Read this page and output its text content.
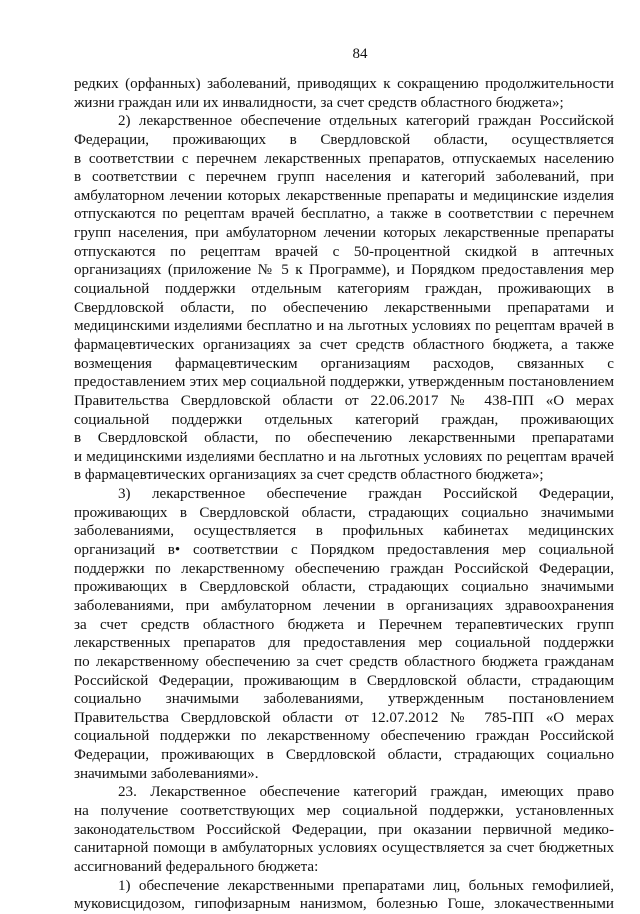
84
редких (орфанных) заболеваний, приводящих к сокращению продолжительности
жизни граждан или их инвалидности, за счет средств областного бюджета»;
2) лекарственное обеспечение отдельных категорий граждан Российской
Федерации, проживающих в Свердловской области, осуществляется
в соответствии с перечнем лекарственных препаратов, отпускаемых населению
в соответствии с перечнем групп населения и категорий заболеваний, при
амбулаторном лечении которых лекарственные препараты и медицинские изделия
отпускаются по рецептам врачей бесплатно, а также в соответствии с перечнем
групп населения, при амбулаторном лечении которых лекарственные препараты
отпускаются по рецептам врачей с 50-процентной скидкой в аптечных
организациях (приложение № 5 к Программе), и Порядком предоставления мер
социальной поддержки отдельным категориям граждан, проживающих в
Свердловской области, по обеспечению лекарственными препаратами и
медицинскими изделиями бесплатно и на льготных условиях по рецептам врачей в
фармацевтических организациях за счет средств областного бюджета, а также
возмещения фармацевтическим организациям расходов, связанных с
предоставлением этих мер социальной поддержки, утвержденным постановлением
Правительства Свердловской области от 22.06.2017 № 438-ПП «О мерах
социальной поддержки отдельных категорий граждан, проживающих
в Свердловской области, по обеспечению лекарственными препаратами
и медицинскими изделиями бесплатно и на льготных условиях по рецептам врачей
в фармацевтических организациях за счет средств областного бюджета»;
3) лекарственное обеспечение граждан Российской Федерации,
проживающих в Свердловской области, страдающих социально значимыми
заболеваниями, осуществляется в профильных кабинетах медицинских
организаций в• соответствии с Порядком предоставления мер социальной
поддержки по лекарственному обеспечению граждан Российской Федерации,
проживающих в Свердловской области, страдающих социально значимыми
заболеваниями, при амбулаторном лечении в организациях здравоохранения
за счет средств областного бюджета и Перечнем терапевтических групп
лекарственных препаратов для предоставления мер социальной поддержки
по лекарственному обеспечению за счет средств областного бюджета гражданам
Российской Федерации, проживающим в Свердловской области, страдающим
социально значимыми заболеваниями, утвержденным постановлением
Правительства Свердловской области от 12.07.2012 № 785-ПП «О мерах
социальной поддержки по лекарственному обеспечению граждан Российской
Федерации, проживающих в Свердловской области, страдающих социально
значимыми заболеваниями».
23. Лекарственное обеспечение категорий граждан, имеющих право
на получение соответствующих мер социальной поддержки, установленных
законодательством Российской Федерации, при оказании первичной медико-
санитарной помощи в амбулаторных условиях осуществляется за счет бюджетных
ассигнований федерального бюджета:
1) обеспечение лекарственными препаратами лиц, больных гемофилией,
муковисцидозом, гипофизарным нанизмом, болезнью Гоше, злокачественными
